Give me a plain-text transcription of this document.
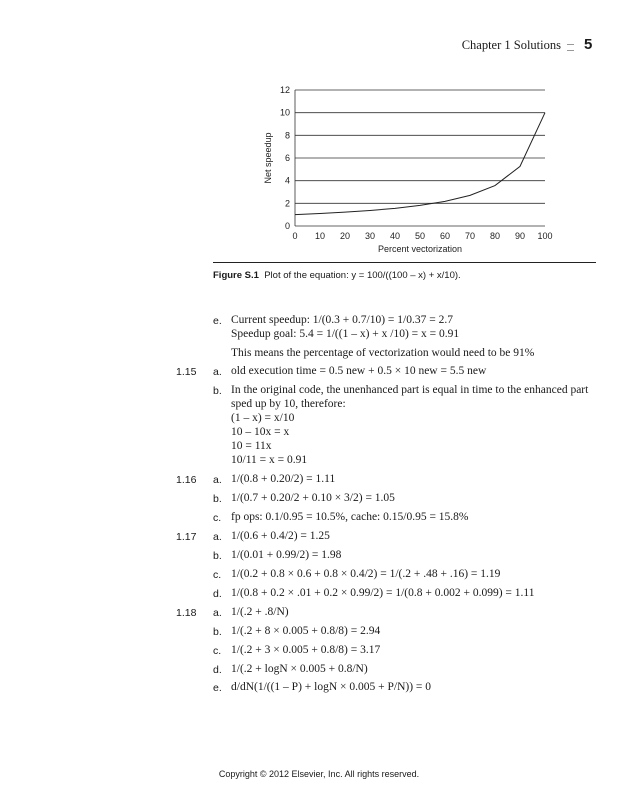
Chapter 1 Solutions 5
0
2
4
6
8
10
12
0 10 20 30 40 50 60 70 80 90 100
Percent vectorization
Net speedup
Figure S.1 Plot of the equation: y = 100/((100 – x) + x/10).
e. Current speedup: 1/(0.3 + 0.7/10) = 1/0.37 = 2.7
Speedup goal: 5.4 = 1/((1 – x) + x /10) = x = 0.91
This means the percentage of vectorization would need to be 91%
1.15 a. old execution time = 0.5 new + 0.5 × 10 new = 5.5 new
b. In the original code, the unenhanced part is equal in time to the enhanced part
sped up by 10, therefore:
(1 – x) = x/10
10 – 10x = x
10 = 11x
10/11 = x = 0.91
1.16 a. 1/(0.8 + 0.20/2) = 1.11
b. 1/(0.7 + 0.20/2 + 0.10 × 3/2) = 1.05
c. fp ops: 0.1/0.95 = 10.5%, cache: 0.15/0.95 = 15.8%
1.17 a. 1/(0.6 + 0.4/2) = 1.25
b. 1/(0.01 + 0.99/2) = 1.98
c. 1/(0.2 + 0.8 × 0.6 + 0.8 × 0.4/2) = 1/(.2 + .48 + .16) = 1.19
d. 1/(0.8 + 0.2 × .01 + 0.2 × 0.99/2) = 1/(0.8 + 0.002 + 0.099) = 1.11
1.18 a. 1/(.2 + .8/N)
b. 1/(.2 + 8 × 0.005 + 0.8/8) = 2.94
c. 1/(.2 + 3 × 0.005 + 0.8/8) = 3.17
d. 1/(.2 + logN × 0.005 + 0.8/N)
e. d/dN(1/((1 – P) + logN × 0.005 + P/N)) = 0
Copyright © 2012 Elsevier, Inc. All rights reserved.
